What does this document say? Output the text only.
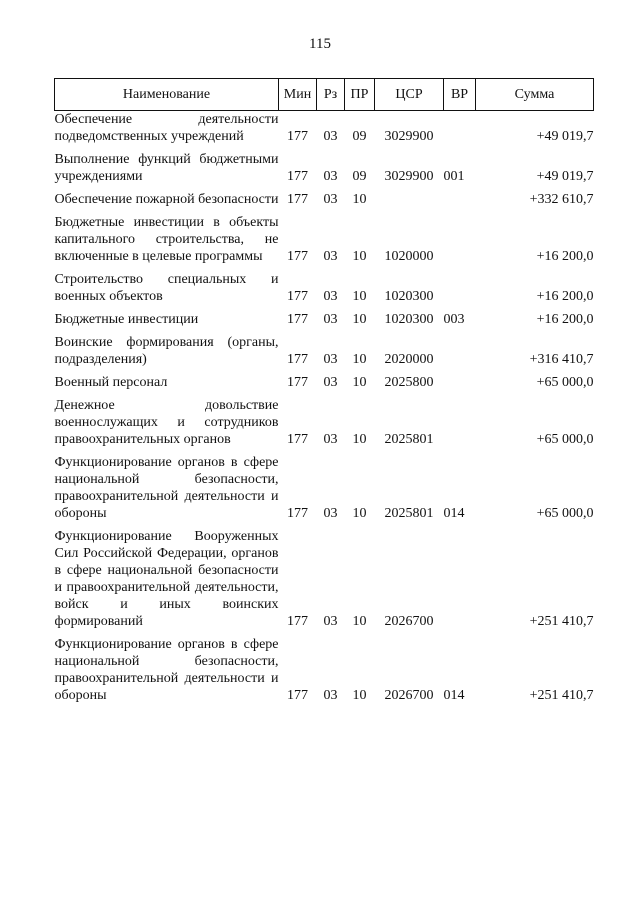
115
Наименование	Мин	Рз	ПР	ЦСР	ВР	Сумма
Обеспечение деятельности подведомственных учреждений	177	03	09	3029900		+49 019,7

Выполнение функций бюджетными учреждениями	177	03	09	3029900	001	+49 019,7

Обеспечение пожарной безопасности	177	03	10			+332 610,7

Бюджетные инвестиции в объекты капитального строительства, не включенные в целевые программы	177	03	10	1020000		+16 200,0

Строительство специальных и военных объектов	177	03	10	1020300		+16 200,0

Бюджетные инвестиции	177	03	10	1020300	003	+16 200,0

Воинские формирования (органы, подразделения)	177	03	10	2020000		+316 410,7

Военный персонал	177	03	10	2025800		+65 000,0

Денежное довольствие военнослужащих и сотрудников правоохранительных органов	177	03	10	2025801		+65 000,0

Функционирование органов в сфере национальной безопасности, правоохранительной деятельности и обороны	177	03	10	2025801	014	+65 000,0

Функционирование Вооруженных Сил Российской Федерации, органов в сфере национальной безопасности и правоохранительной деятельности, войск и иных воинских формирований	177	03	10	2026700		+251 410,7

Функционирование органов в сфере национальной безопасности, правоохранительной деятельности и обороны	177	03	10	2026700	014	+251 410,7
